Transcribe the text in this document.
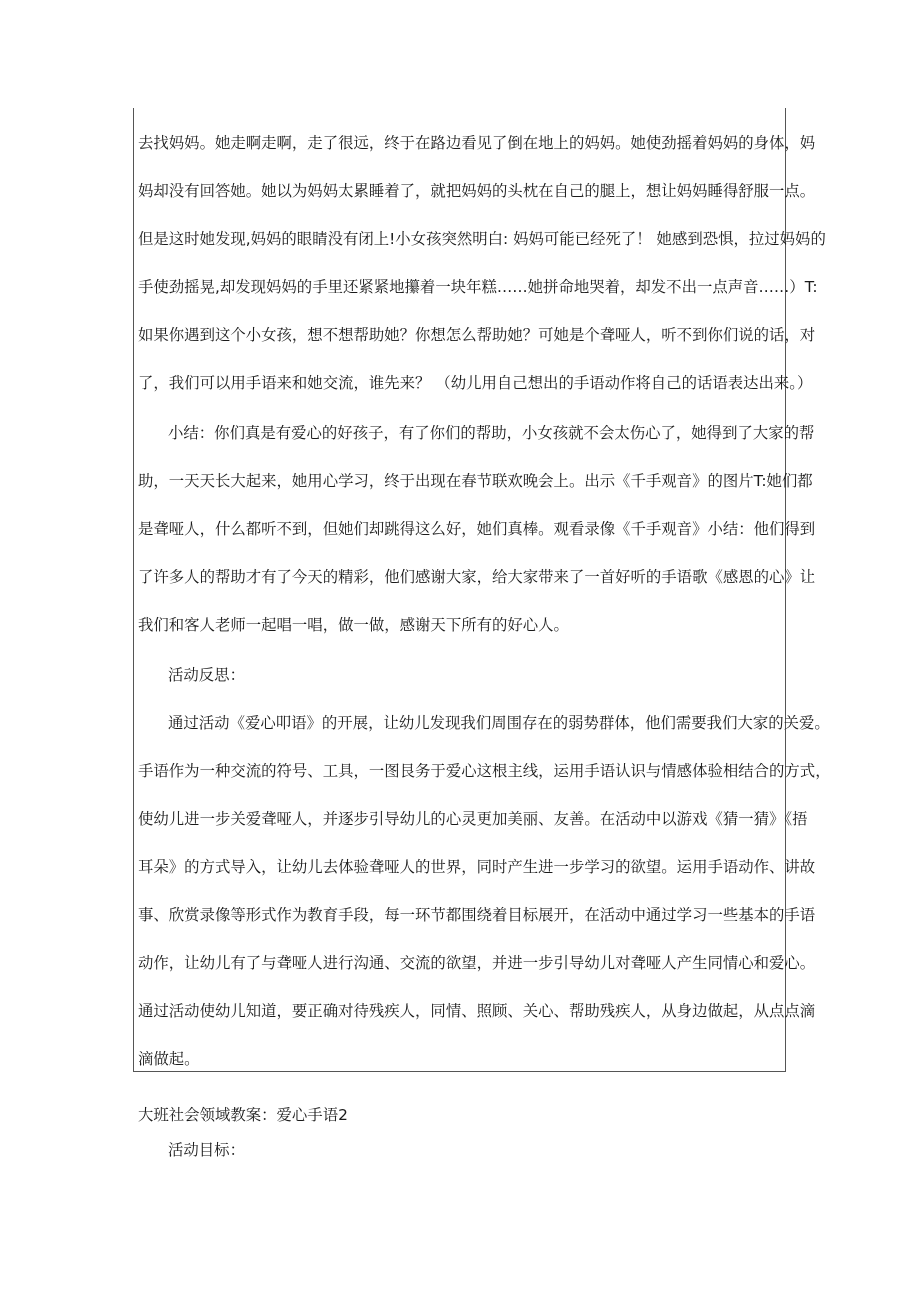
去找妈妈。她走啊走啊，走了很远，终于在路边看见了倒在地上的妈妈。她使劲摇着妈妈的身体，妈
妈却没有回答她。她以为妈妈太累睡着了，就把妈妈的头枕在自己的腿上，想让妈妈睡得舒服一点。
但是这时她发现,妈妈的眼睛没有闭上!小女孩突然明白: 妈妈可能已经死了！ 她感到恐惧，拉过妈妈的
手使劲摇晃,却发现妈妈的手里还紧紧地攥着一块年糕……她拼命地哭着，却发不出一点声音……）T:
如果你遇到这个小女孩，想不想帮助她？你想怎么帮助她？可她是个聋哑人，听不到你们说的话，对
了，我们可以用手语来和她交流，谁先来？ （幼儿用自己想出的手语动作将自己的话语表达出来。）
小结：你们真是有爱心的好孩子，有了你们的帮助，小女孩就不会太伤心了，她得到了大家的帮
助，一天天长大起来，她用心学习，终于出现在春节联欢晚会上。出示《千手观音》的图片T:她们都
是聋哑人，什么都听不到，但她们却跳得这么好，她们真棒。观看录像《千手观音》小结：他们得到
了许多人的帮助才有了今天的精彩，他们感谢大家，给大家带来了一首好听的手语歌《感恩的心》让
我们和客人老师一起唱一唱，做一做，感谢天下所有的好心人。
活动反思：
通过活动《爱心叩语》的开展，让幼儿发现我们周围存在的弱势群体，他们需要我们大家的关爱。
手语作为一种交流的符号、工具，一图艮务于爱心这根主线，运用手语认识与情感体验相结合的方式，
使幼儿进一步关爱聋哑人，并逐步引导幼儿的心灵更加美丽、友善。在活动中以游戏《猜一猜》《捂
耳朵》的方式导入，让幼儿去体验聋哑人的世界，同时产生进一步学习的欲望。运用手语动作、讲故
事、欣赏录像等形式作为教育手段，每一环节都围绕着目标展开，在活动中通过学习一些基本的手语
动作，让幼儿有了与聋哑人进行沟通、交流的欲望，并进一步引导幼儿对聋哑人产生同情心和爱心。
通过活动使幼儿知道，要正确对待残疾人，同情、照顾、关心、帮助残疾人，从身边做起，从点点滴
滴做起。
大班社会领域教案：爱心手语2
活动目标：
